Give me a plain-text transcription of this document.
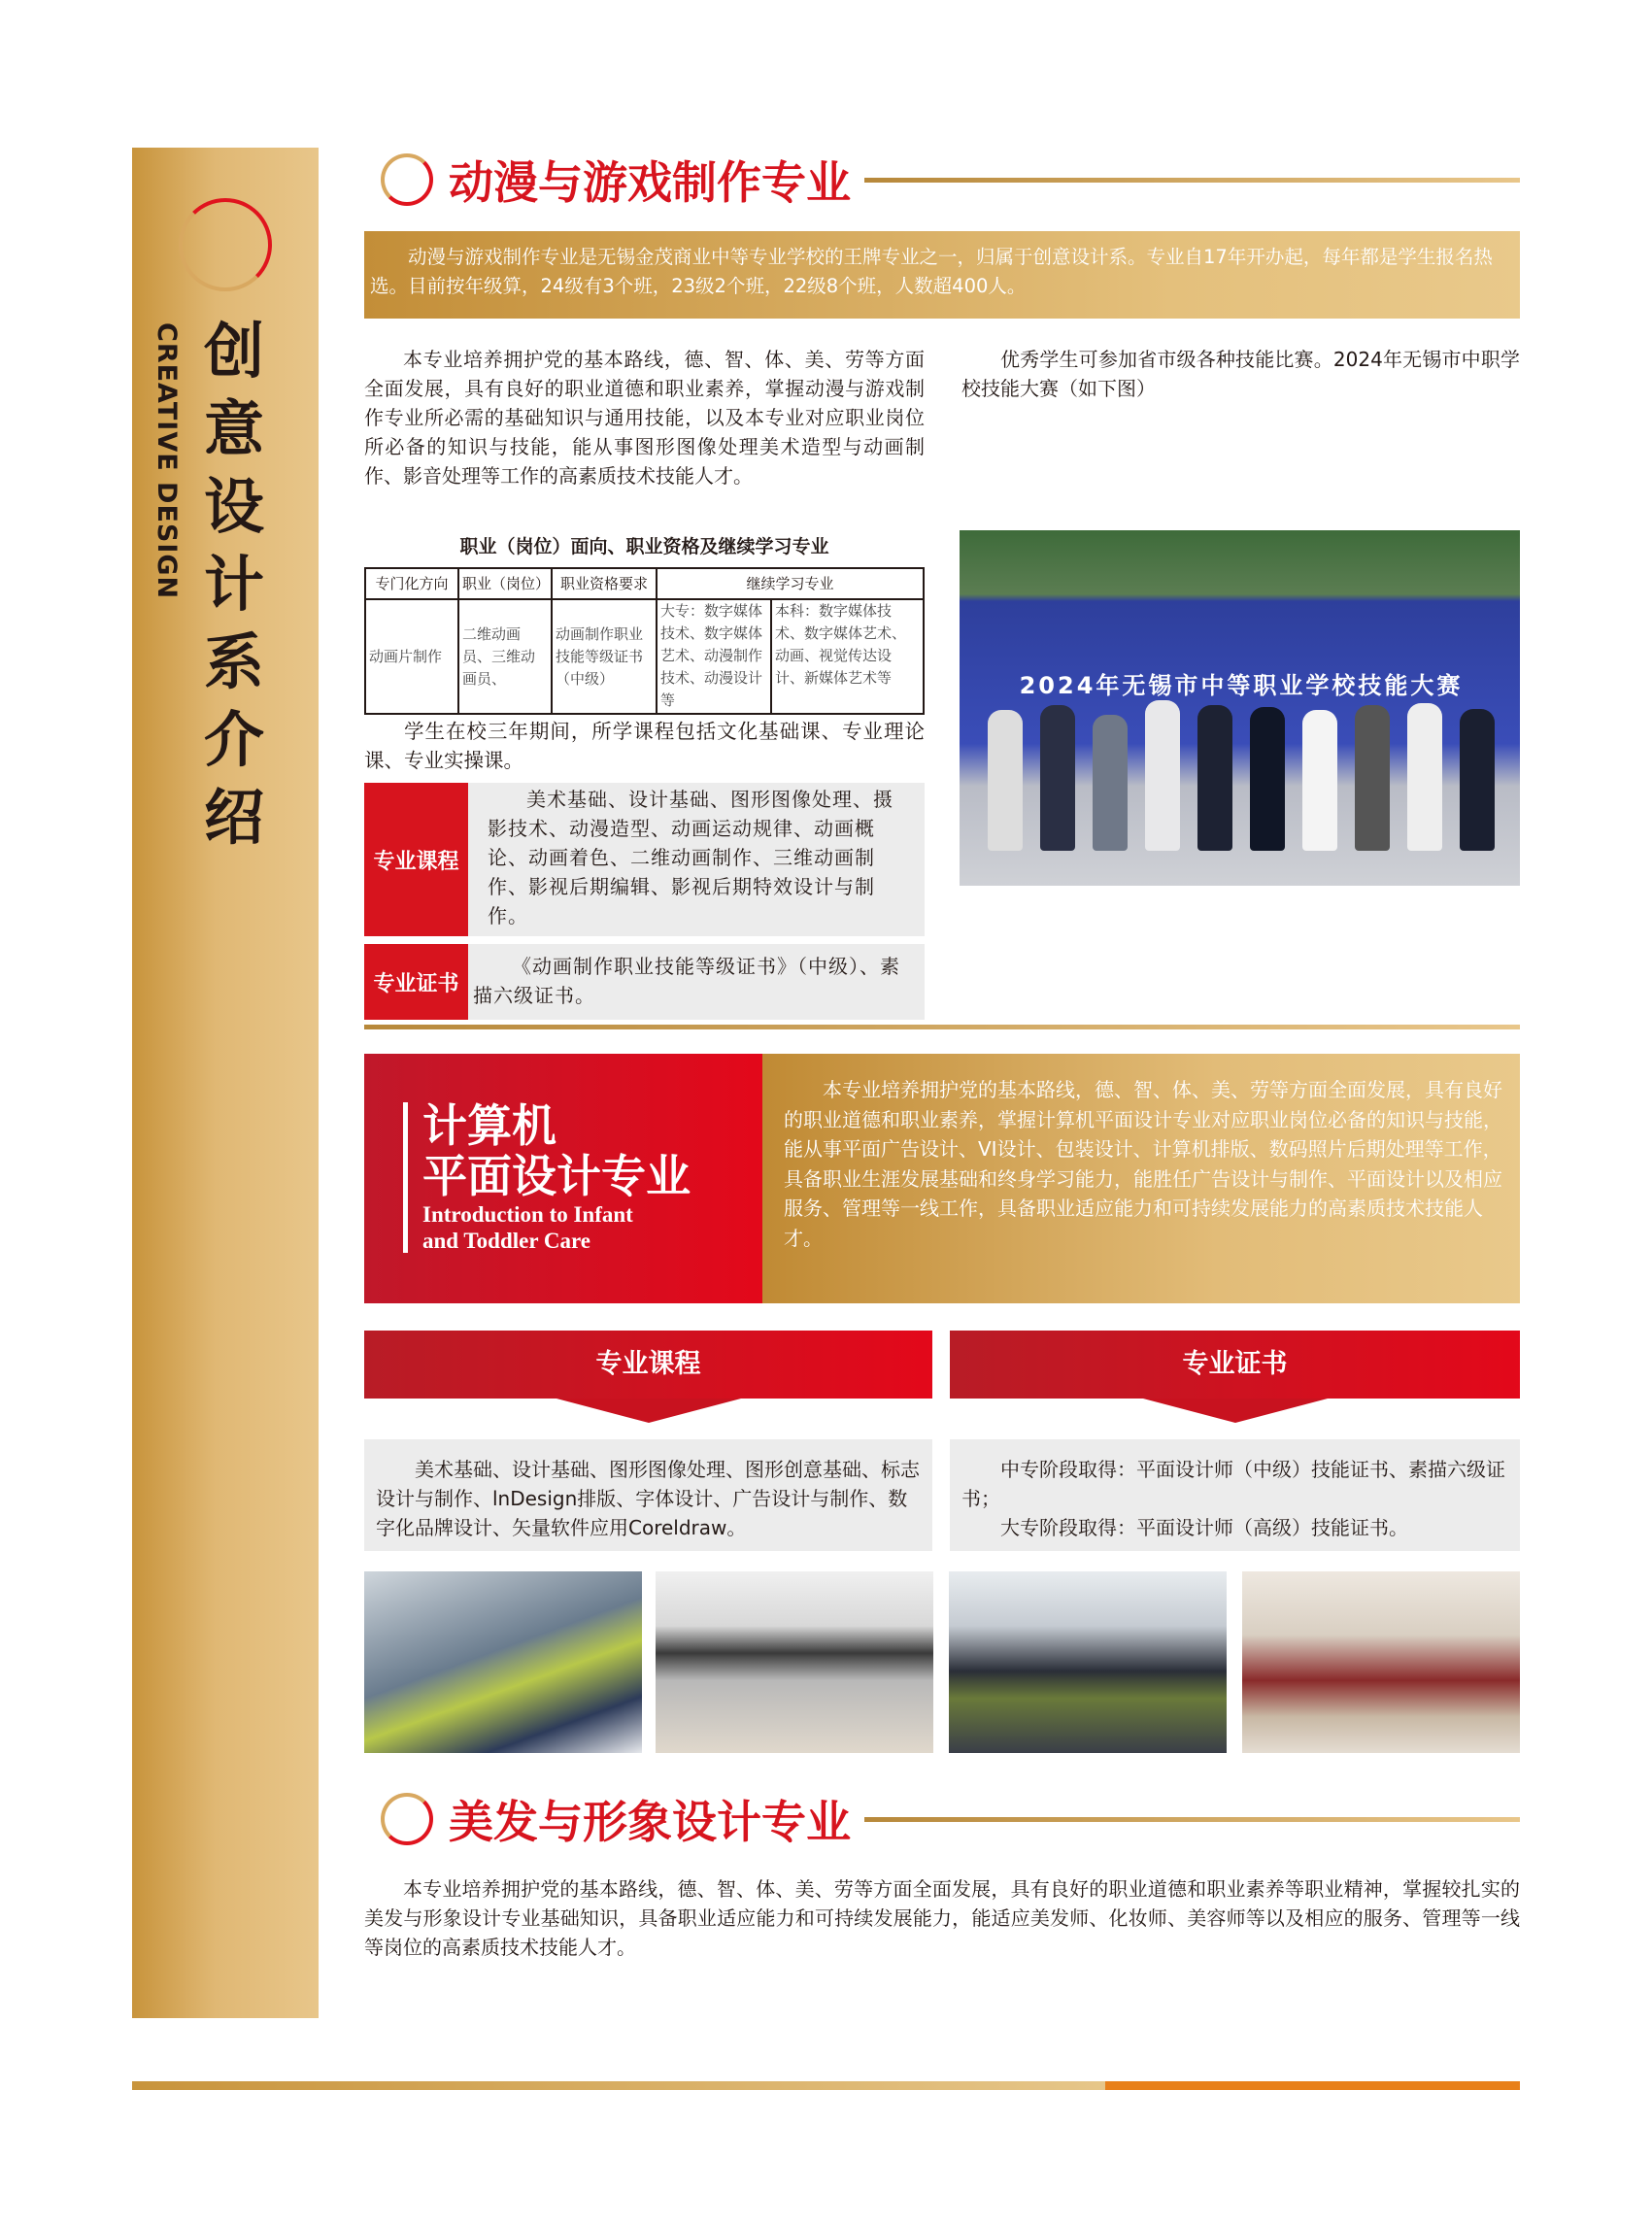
CREATIVE DESIGN 创
意
设
计
系
介
绍
动漫与游戏制作专业
动漫与游戏制作专业是无锡金茂商业中等专业学校的王牌专业之一，归属于创意设计系。专业自17年开办起，每年都是学生报名热选。目前按年级算，24级有3个班，23级2个班，22级8个班，人数超400人。
本专业培养拥护党的基本路线，德、智、体、美、劳等方面全面发展，具有良好的职业道德和职业素养，掌握动漫与游戏制作专业所必需的基础知识与通用技能，以及本专业对应职业岗位所必备的知识与技能，能从事图形图像处理美术造型与动画制作、影音处理等工作的高素质技术技能人才。
优秀学生可参加省市级各种技能比赛。2024年无锡市中职学校技能大赛（如下图）
职业（岗位）面向、职业资格及继续学习专业
专门化方向	职业（岗位）	职业资格要求	继续学习专业	
动画片制作	二维动画员、三维动画员、	动画制作职业技能等级证书（中级）	大专：数字媒体技术、数字媒体艺术、动漫制作技术、动漫设计等	本科：数字媒体技术、数字媒体艺术、动画、视觉传达设计、新媒体艺术等
学生在校三年期间，所学课程包括文化基础课、专业理论课、专业实操课。
专业课程
美术基础、设计基础、图形图像处理、摄影技术、动漫造型、动画运动规律、动画概论、动画着色、二维动画制作、三维动画制作、影视后期编辑、影视后期特效设计与制作。
专业证书
《动画制作职业技能等级证书》（中级）、素描六级证书。
2024年无锡市中等职业学校技能大赛
计算机
平面设计专业
Introduction to Infant
and Toddler Care
本专业培养拥护党的基本路线，德、智、体、美、劳等方面全面发展，具有良好的职业道德和职业素养，掌握计算机平面设计专业对应职业岗位必备的知识与技能，能从事平面广告设计、VI设计、包装设计、计算机排版、数码照片后期处理等工作，具备职业生涯发展基础和终身学习能力，能胜任广告设计与制作、平面设计以及相应服务、管理等一线工作，具备职业适应能力和可持续发展能力的高素质技术技能人才。
专业课程	专业证书
美术基础、设计基础、图形图像处理、图形创意基础、标志设计与制作、lnDesign排版、字体设计、广告设计与制作、数字化品牌设计、矢量软件应用Coreldraw。
中专阶段取得：平面设计师（中级）技能证书、素描六级证书；
大专阶段取得：平面设计师（高级）技能证书。
美发与形象设计专业
本专业培养拥护党的基本路线，德、智、体、美、劳等方面全面发展，具有良好的职业道德和职业素养等职业精神，掌握较扎实的美发与形象设计专业基础知识，具备职业适应能力和可持续发展能力，能适应美发师、化妆师、美容师等以及相应的服务、管理等一线等岗位的高素质技术技能人才。
